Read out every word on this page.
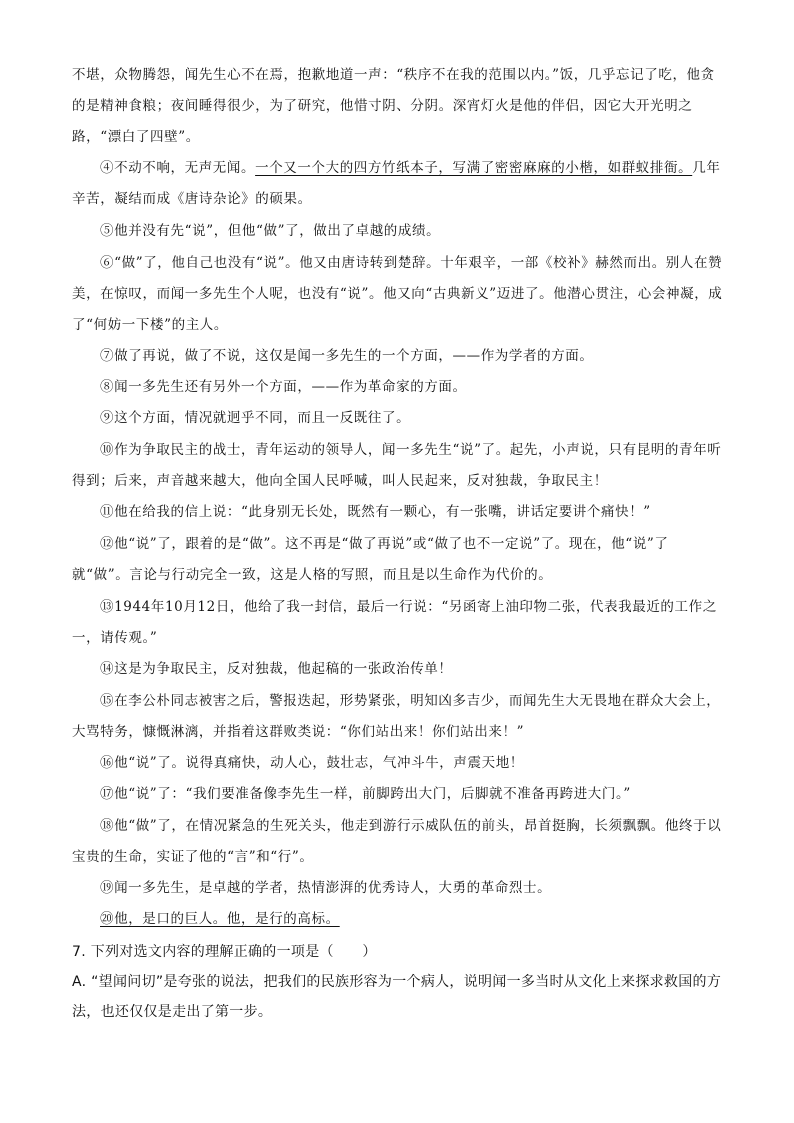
不堪，众物腾怨，闻先生心不在焉，抱歉地道一声：“秩序不在我的范围以内。”饭，几乎忘记了吃，他贪的是精神食粮；夜间睡得很少，为了研究，他惜寸阴、分阴。深宵灯火是他的伴侣，因它大开光明之路，“漂白了四壁”。

④不动不响，无声无闻。一个又一个大的四方竹纸本子，写满了密密麻麻的小楷，如群蚁排衙。几年辛苦，凝结而成《唐诗杂论》的硕果。

⑤他并没有先“说”，但他“做”了，做出了卓越的成绩。

⑥“做”了，他自己也没有“说”。他又由唐诗转到楚辞。十年艰辛，一部《校补》赫然而出。别人在赞美，在惊叹，而闻一多先生个人呢，也没有“说”。他又向“古典新义”迈进了。他潜心贯注，心会神凝，成了“何妨一下楼”的主人。

⑦做了再说，做了不说，这仅是闻一多先生的一个方面，——作为学者的方面。

⑧闻一多先生还有另外一个方面，——作为革命家的方面。

⑨这个方面，情况就迥乎不同，而且一反既往了。

⑩作为争取民主的战士，青年运动的领导人，闻一多先生“说”了。起先，小声说，只有昆明的青年听得到；后来，声音越来越大，他向全国人民呼喊，叫人民起来，反对独裁，争取民主！

⑪他在给我的信上说：“此身别无长处，既然有一颗心，有一张嘴，讲话定要讲个痛快！”

⑫他“说”了，跟着的是“做”。这不再是“做了再说”或“做了也不一定说”了。现在，他“说”了就“做”。言论与行动完全一致，这是人格的写照，而且是以生命作为代价的。

⑬1944年10月12日，他给了我一封信，最后一行说：“另函寄上油印物二张，代表我最近的工作之一，请传观。”

⑭这是为争取民主，反对独裁，他起稿的一张政治传单！

⑮在李公朴同志被害之后，警报迭起，形势紧张，明知凶多吉少，而闻先生大无畏地在群众大会上，大骂特务，慷慨淋漓，并指着这群败类说：“你们站出来！你们站出来！”

⑯他“说”了。说得真痛快，动人心，鼓壮志，气冲斗牛，声震天地！

⑰他“说”了：“我们要准备像李先生一样，前脚跨出大门，后脚就不准备再跨进大门。”

⑱他“做”了，在情况紧急的生死关头，他走到游行示威队伍的前头，昂首挺胸，长须飘飘。他终于以宝贵的生命，实证了他的“言”和“行”。

⑲闻一多先生，是卓越的学者，热情澎湃的优秀诗人，大勇的革命烈士。

⑳他，是口的巨人。他，是行的高标。

7. 下列对选文内容的理解正确的一项是（　　）

A. “望闻问切”是夸张的说法，把我们的民族形容为一个病人，说明闻一多当时从文化上来探求救国的方法，也还仅仅是走出了第一步。
